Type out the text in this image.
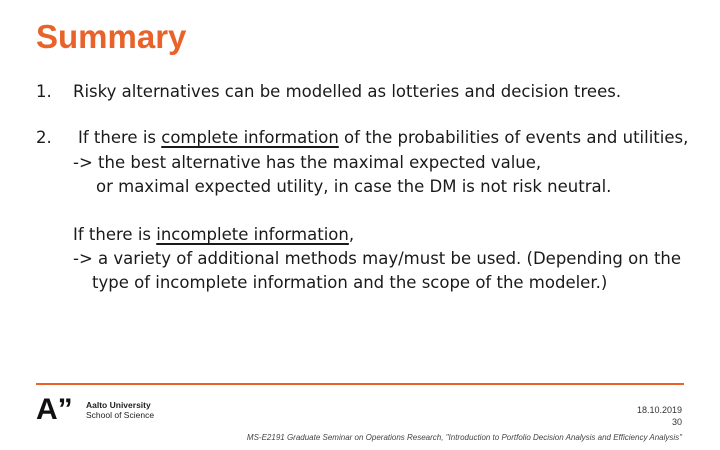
Summary
1. Risky alternatives can be modelled as lotteries and decision trees.
2. If there is complete information of the probabilities of events and utilities,
-> the best alternative has the maximal expected value,
or maximal expected utility, in case the DM is not risk neutral.
If there is incomplete information,
-> a variety of additional methods may/must be used. (Depending on the
type of incomplete information and the scope of the modeler.)
A” Aalto University
School of Science	18.10.2019
30
MS-E2191 Graduate Seminar on Operations Research, "Introduction to Portfolio Decision Analysis and Efficiency Analysis"
